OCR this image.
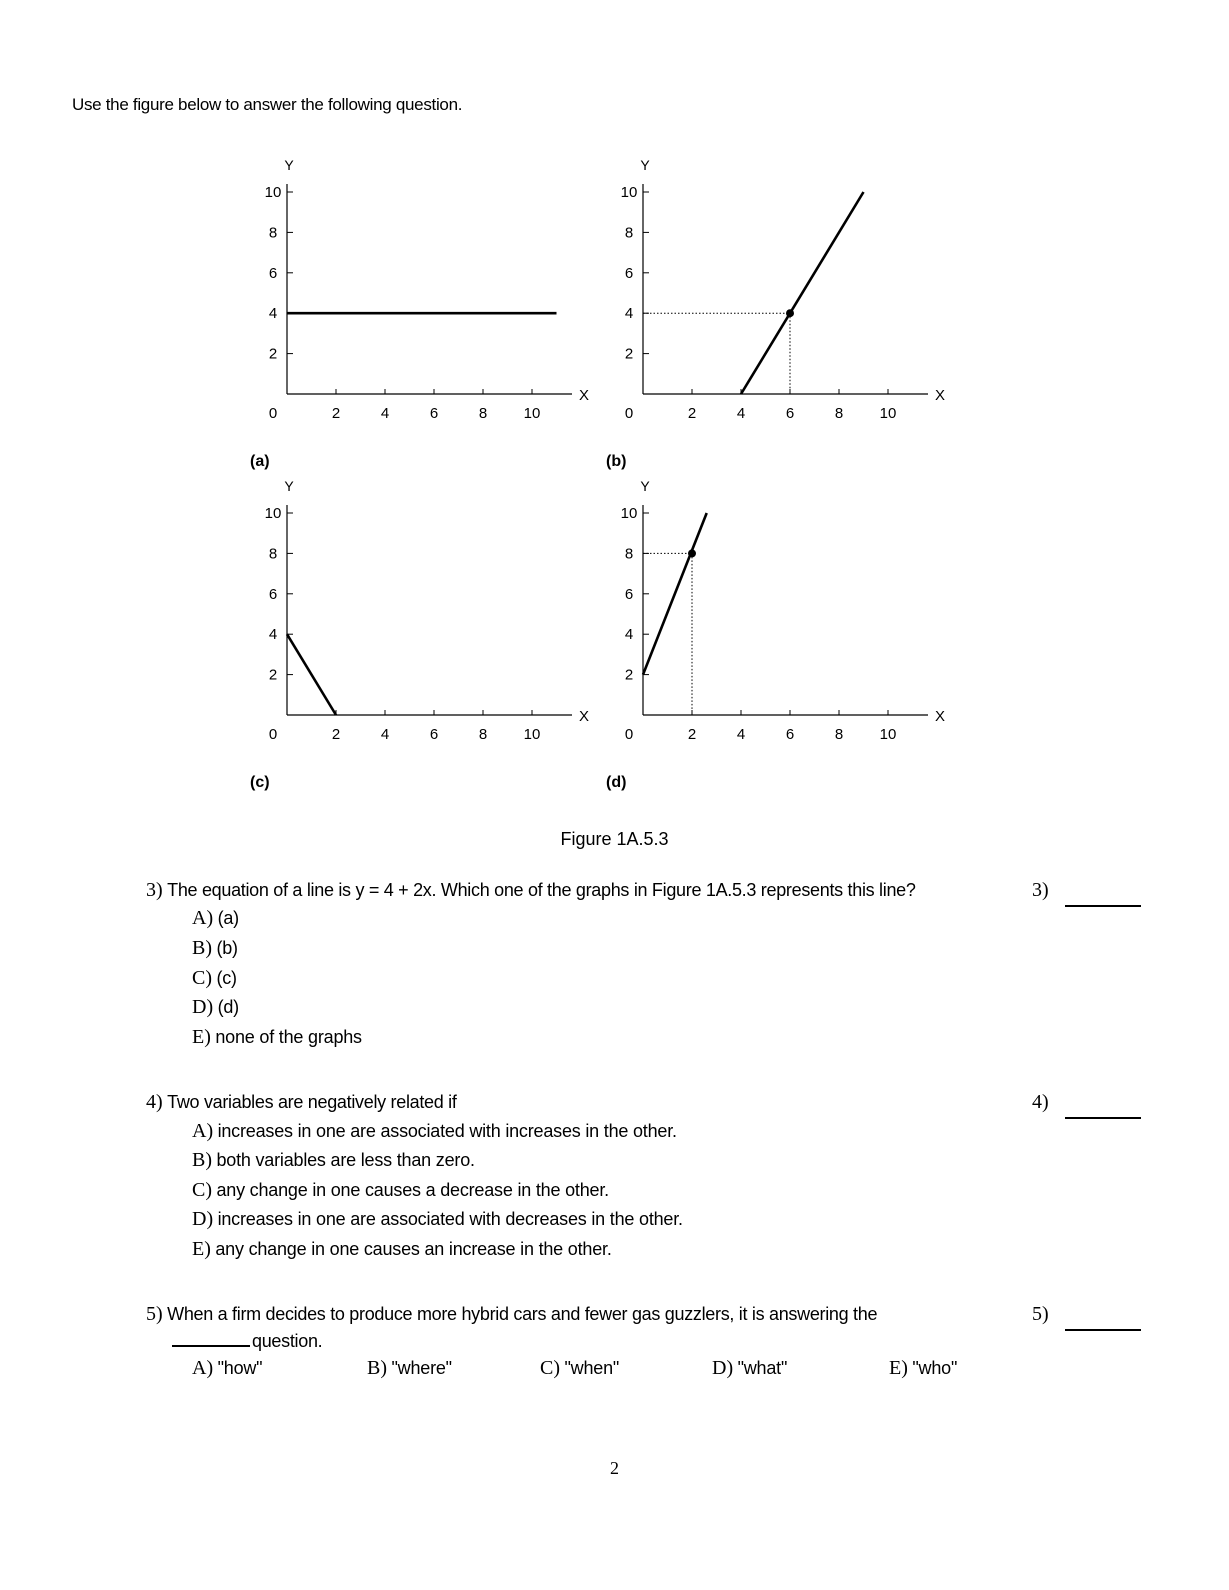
Use the figure below to answer the following question.
2
4
6
8
10
0	2	4	6	8 10
Y
X
(a)
2
4
6
8
10
0	2	4	6	8 10
Y
X
(b)
2
4
6
8
10
0	2	4	6	8 10
Y
X
(c)
2
4
6
8
10
0	2	4	6	8 10
Y
X
(d)
Figure 1A.5.3
3) The equation of a line is y = 4 + 2x. Which one of the graphs in Figure 1A.5.3 represents this line?	3)
A) (a)
B) (b)
C) (c)
D) (d)
E) none of the graphs
4) Two variables are negatively related if	4)
A) increases in one are associated with increases in the other.
B) both variables are less than zero.
C) any change in one causes a decrease in the other.
D) increases in one are associated with decreases in the other.
E) any change in one causes an increase in the other.
5) When a firm decides to produce more hybrid cars and fewer gas guzzlers, it is answering the
question.
5)
A) "how"	B) "where"	C) "when"	D) "what"	E) "who"
2
